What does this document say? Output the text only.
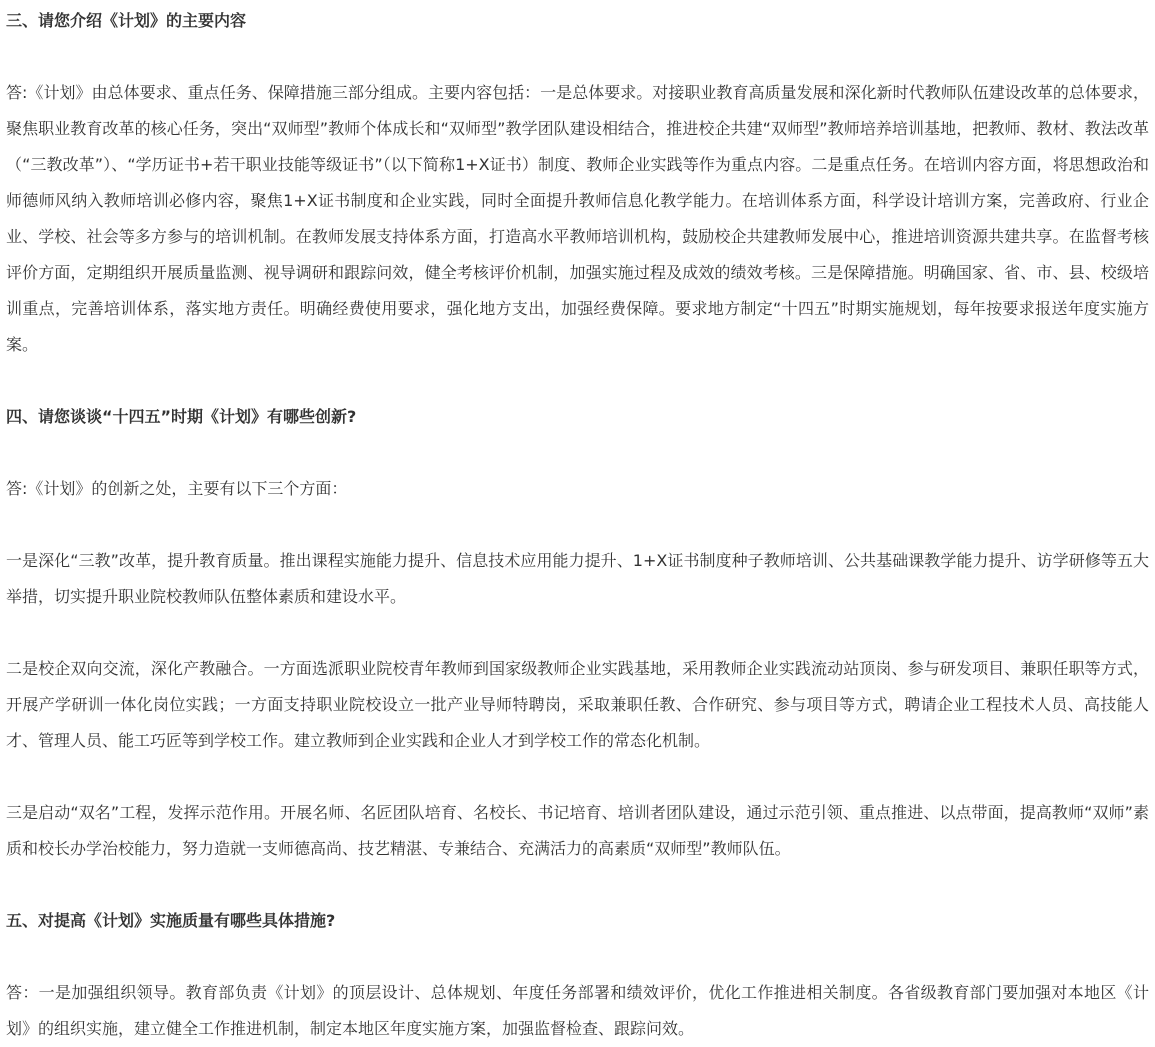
三、请您介绍《计划》的主要内容

答:《计划》由总体要求、重点任务、保障措施三部分组成。主要内容包括：一是总体要求。对接职业教育高质量发展和深化新时代教师队伍建设改革的总体要求，聚焦职业教育改革的核心任务，突出“双师型”教师个体成长和“双师型”教学团队建设相结合，推进校企共建“双师型”教师培养培训基地，把教师、教材、教法改革（“三教改革”）、“学历证书+若干职业技能等级证书”（以下简称1+X证书）制度、教师企业实践等作为重点内容。二是重点任务。在培训内容方面，将思想政治和师德师风纳入教师培训必修内容，聚焦1+X证书制度和企业实践，同时全面提升教师信息化教学能力。在培训体系方面，科学设计培训方案，完善政府、行业企业、学校、社会等多方参与的培训机制。在教师发展支持体系方面，打造高水平教师培训机构，鼓励校企共建教师发展中心，推进培训资源共建共享。在监督考核评价方面，定期组织开展质量监测、视导调研和跟踪问效，健全考核评价机制，加强实施过程及成效的绩效考核。三是保障措施。明确国家、省、市、县、校级培训重点，完善培训体系，落实地方责任。明确经费使用要求，强化地方支出，加强经费保障。要求地方制定“十四五”时期实施规划，每年按要求报送年度实施方案。

四、请您谈谈“十四五”时期《计划》有哪些创新?

答:《计划》的创新之处，主要有以下三个方面：

一是深化“三教”改革，提升教育质量。推出课程实施能力提升、信息技术应用能力提升、1+X证书制度种子教师培训、公共基础课教学能力提升、访学研修等五大举措，切实提升职业院校教师队伍整体素质和建设水平。

二是校企双向交流，深化产教融合。一方面选派职业院校青年教师到国家级教师企业实践基地，采用教师企业实践流动站顶岗、参与研发项目、兼职任职等方式，开展产学研训一体化岗位实践；一方面支持职业院校设立一批产业导师特聘岗，采取兼职任教、合作研究、参与项目等方式，聘请企业工程技术人员、高技能人才、管理人员、能工巧匠等到学校工作。建立教师到企业实践和企业人才到学校工作的常态化机制。

三是启动“双名”工程，发挥示范作用。开展名师、名匠团队培育、名校长、书记培育、培训者团队建设，通过示范引领、重点推进、以点带面，提高教师“双师”素质和校长办学治校能力，努力造就一支师德高尚、技艺精湛、专兼结合、充满活力的高素质“双师型”教师队伍。

五、对提高《计划》实施质量有哪些具体措施?

答：一是加强组织领导。教育部负责《计划》的顶层设计、总体规划、年度任务部署和绩效评价，优化工作推进相关制度。各省级教育部门要加强对本地区《计划》的组织实施，建立健全工作推进机制，制定本地区年度实施方案，加强监督检查、跟踪问效。
